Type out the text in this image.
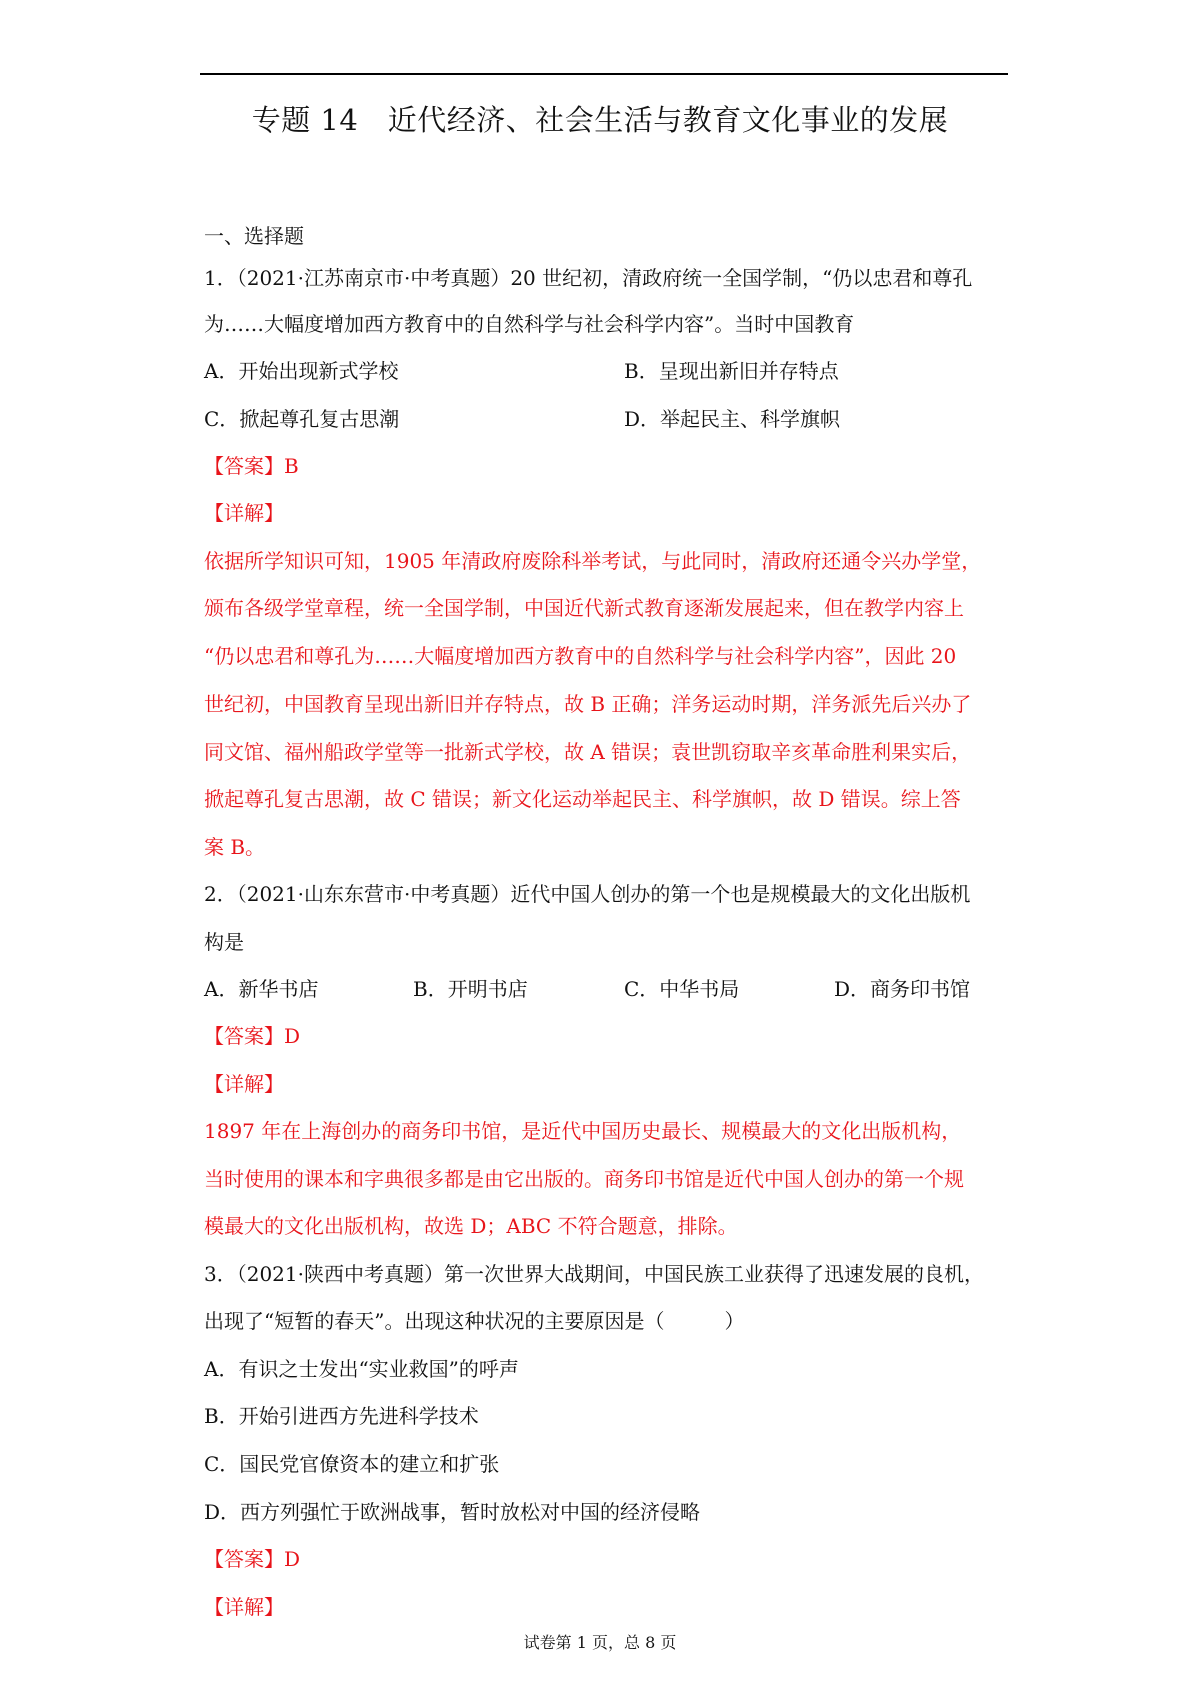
专题 14　近代经济、社会生活与教育文化事业的发展
一、选择题
1．（2021·江苏南京市·中考真题）20 世纪初，清政府统一全国学制，“仍以忠君和尊孔
为……大幅度增加西方教育中的自然科学与社会科学内容”。当时中国教育
A．开始出现新式学校	B．呈现出新旧并存特点
C．掀起尊孔复古思潮	D．举起民主、科学旗帜
【答案】B
【详解】
依据所学知识可知，1905 年清政府废除科举考试，与此同时，清政府还通令兴办学堂，
颁布各级学堂章程，统一全国学制，中国近代新式教育逐渐发展起来，但在教学内容上
“仍以忠君和尊孔为……大幅度增加西方教育中的自然科学与社会科学内容”，因此 20
世纪初，中国教育呈现出新旧并存特点，故 B 正确；洋务运动时期，洋务派先后兴办了
同文馆、福州船政学堂等一批新式学校，故 A 错误；袁世凯窃取辛亥革命胜利果实后，
掀起尊孔复古思潮，故 C 错误；新文化运动举起民主、科学旗帜，故 D 错误。综上答
案 B。
2．（2021·山东东营市·中考真题）近代中国人创办的第一个也是规模最大的文化出版机
构是
A．新华书店	B．开明书店	C．中华书局	D．商务印书馆
【答案】D
【详解】
1897 年在上海创办的商务印书馆，是近代中国历史最长、规模最大的文化出版机构，
当时使用的课本和字典很多都是由它出版的。商务印书馆是近代中国人创办的第一个规
模最大的文化出版机构，故选 D；ABC 不符合题意，排除。
3．（2021·陕西中考真题）第一次世界大战期间，中国民族工业获得了迅速发展的良机，
出现了“短暂的春天”。出现这种状况的主要原因是（　　　）
A．有识之士发出“实业救国”的呼声
B．开始引进西方先进科学技术
C．国民党官僚资本的建立和扩张
D．西方列强忙于欧洲战事，暂时放松对中国的经济侵略
【答案】D
【详解】
试卷第 1 页，总 8 页
